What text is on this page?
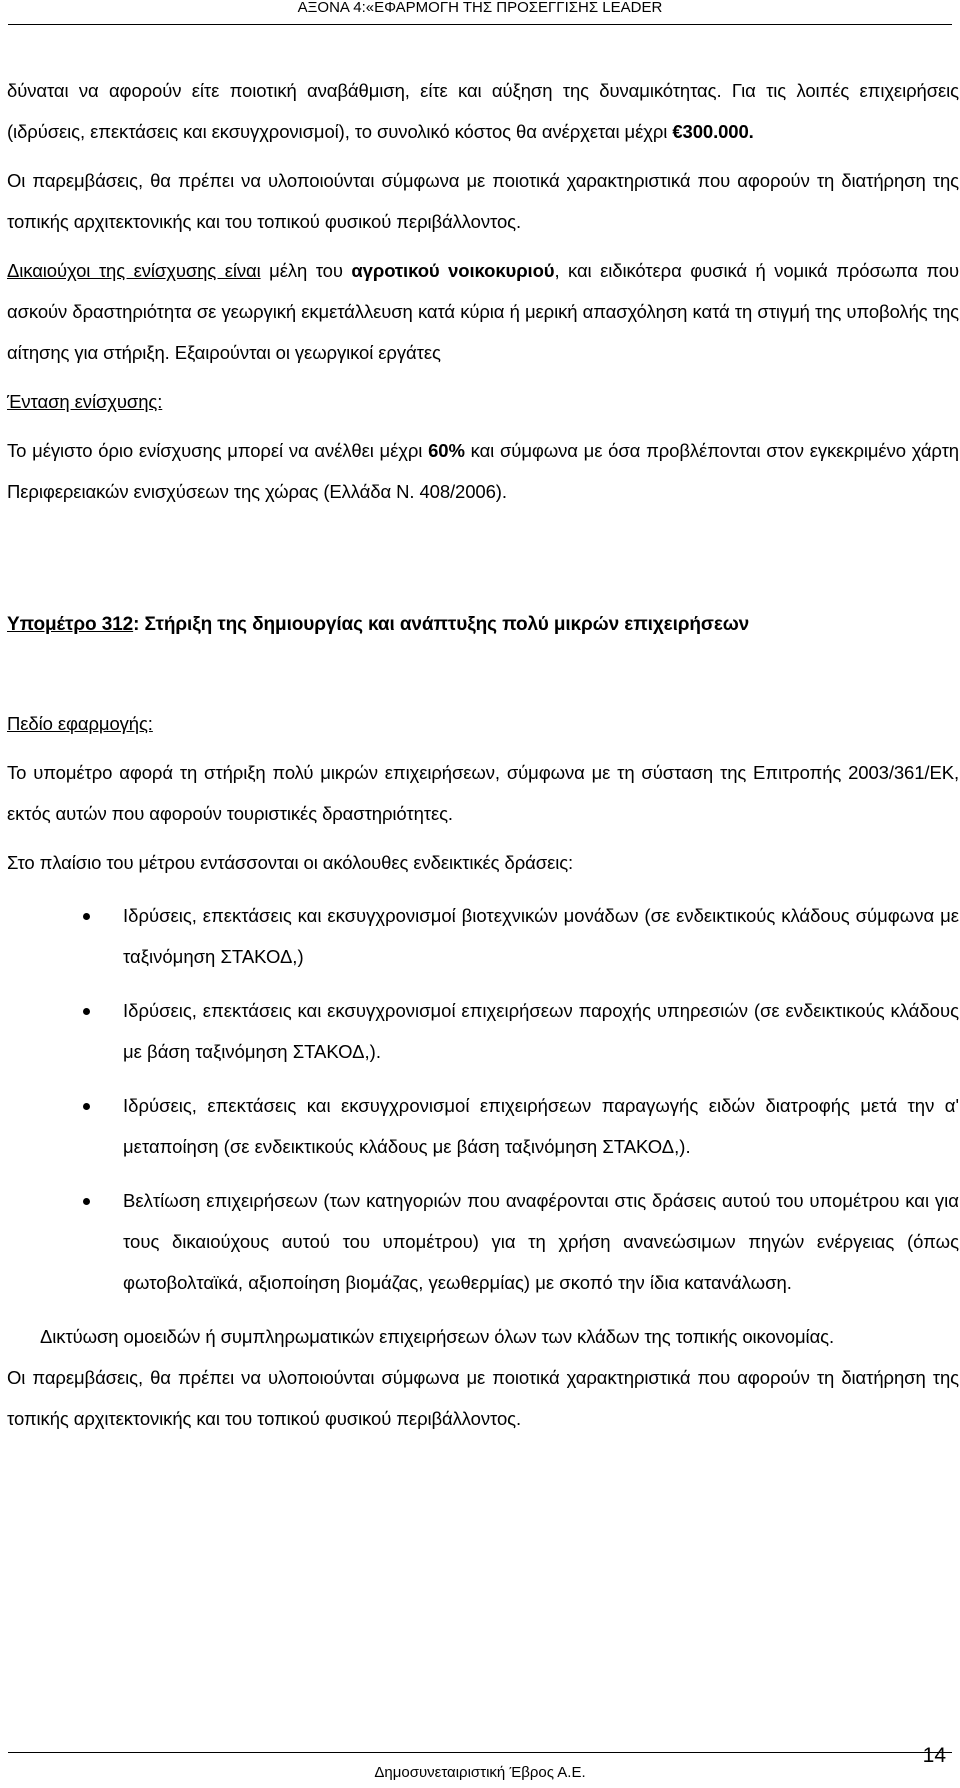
ΑΞΟΝΑ 4:«ΕΦΑΡΜΟΓΗ ΤΗΣ ΠΡΟΣΕΓΓΙΣΗΣ LEADER

δύναται να αφορούν είτε ποιοτική αναβάθμιση, είτε και αύξηση της δυναμικότητας. Για τις λοιπές επιχειρήσεις (ιδρύσεις, επεκτάσεις και εκσυγχρονισμοί), το συνολικό κόστος θα ανέρχεται μέχρι €300.000.

Οι παρεμβάσεις, θα πρέπει να υλοποιούνται σύμφωνα με ποιοτικά χαρακτηριστικά που αφορούν τη διατήρηση της τοπικής αρχιτεκτονικής και του τοπικού φυσικού περιβάλλοντος.

Δικαιούχοι της ενίσχυσης είναι μέλη του αγροτικού νοικοκυριού, και ειδικότερα φυσικά ή νομικά πρόσωπα που ασκούν δραστηριότητα σε γεωργική εκμετάλλευση κατά κύρια ή μερική απασχόληση κατά τη στιγμή της υποβολής της αίτησης για στήριξη. Εξαιρούνται οι γεωργικοί εργάτες

Ένταση ενίσχυσης:

Το μέγιστο όριο ενίσχυσης μπορεί να ανέλθει μέχρι 60% και σύμφωνα με όσα προβλέπονται στον εγκεκριμένο χάρτη Περιφερειακών ενισχύσεων της χώρας (Ελλάδα Ν. 408/2006).

Υπομέτρο 312: Στήριξη της δημιουργίας και ανάπτυξης πολύ μικρών επιχειρήσεων

Πεδίο εφαρμογής:

Το υπομέτρο αφορά τη στήριξη πολύ μικρών επιχειρήσεων, σύμφωνα με τη σύσταση της Επιτροπής 2003/361/ΕΚ, εκτός αυτών που αφορούν τουριστικές δραστηριότητες.

Στο πλαίσιο του μέτρου εντάσσονται οι ακόλουθες ενδεικτικές δράσεις:

Ιδρύσεις, επεκτάσεις και εκσυγχρονισμοί βιοτεχνικών μονάδων (σε ενδεικτικούς κλάδους σύμφωνα με ταξινόμηση ΣΤΑΚΟΔ,)
Ιδρύσεις, επεκτάσεις και εκσυγχρονισμοί επιχειρήσεων παροχής υπηρεσιών (σε ενδεικτικούς κλάδους με βάση ταξινόμηση ΣΤΑΚΟΔ,).
Ιδρύσεις, επεκτάσεις και εκσυγχρονισμοί επιχειρήσεων παραγωγής ειδών διατροφής μετά την α' μεταποίηση (σε ενδεικτικούς κλάδους με βάση ταξινόμηση ΣΤΑΚΟΔ,).
Βελτίωση επιχειρήσεων (των κατηγοριών που αναφέρονται στις δράσεις αυτού του υπομέτρου και για τους δικαιούχους αυτού του υπομέτρου) για τη χρήση ανανεώσιμων πηγών ενέργειας (όπως φωτοβολταϊκά, αξιοποίηση βιομάζας, γεωθερμίας) με σκοπό την ίδια κατανάλωση.

Δικτύωση ομοειδών ή συμπληρωματικών επιχειρήσεων όλων των κλάδων της τοπικής οικονομίας.

Οι παρεμβάσεις, θα πρέπει να υλοποιούνται σύμφωνα με ποιοτικά χαρακτηριστικά που αφορούν τη διατήρηση της τοπικής αρχιτεκτονικής και του τοπικού φυσικού περιβάλλοντος.

14
Δημοσυνεταιριστική Έβρος Α.Ε.
